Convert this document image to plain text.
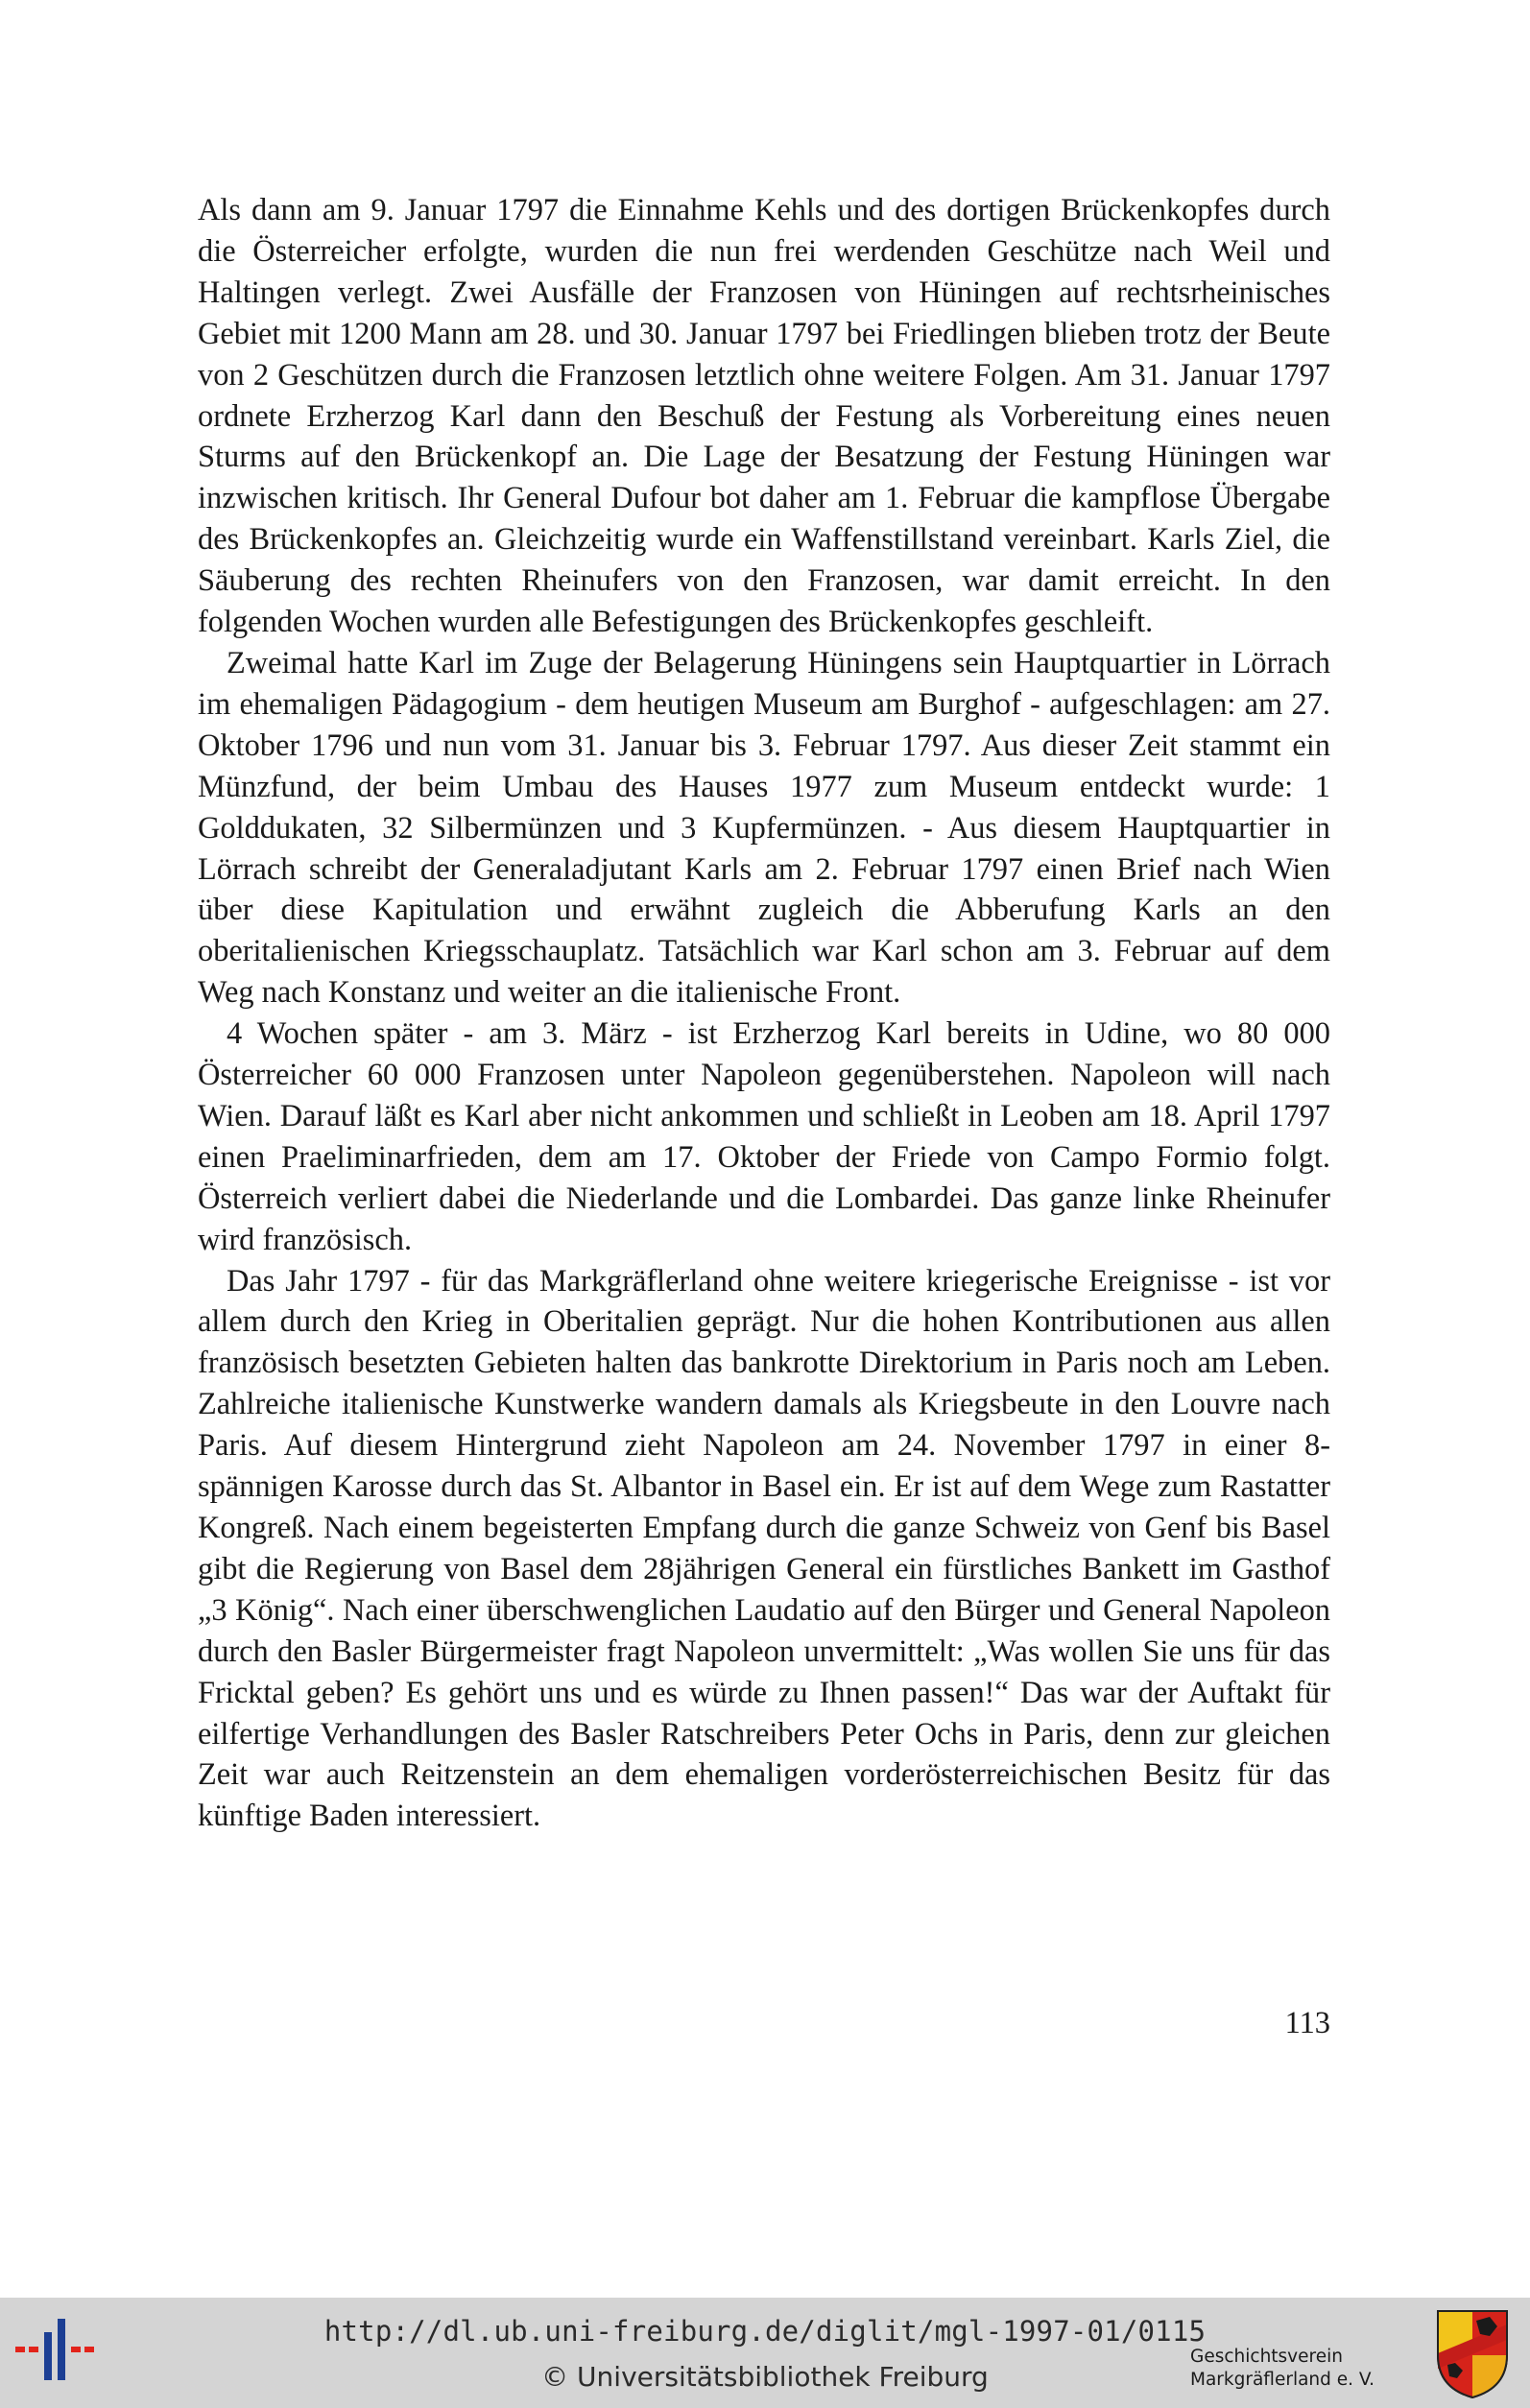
Als dann am 9. Januar 1797 die Einnahme Kehls und des dortigen Brückenkopfes durch die Österreicher erfolgte, wurden die nun frei werdenden Geschütze nach Weil und Haltingen verlegt. Zwei Ausfälle der Franzosen von Hüningen auf rechtsrheinisches Gebiet mit 1200 Mann am 28. und 30. Januar 1797 bei Friedlingen blieben trotz der Beute von 2 Geschützen durch die Franzosen letztlich ohne weitere Folgen. Am 31. Januar 1797 ordnete Erzherzog Karl dann den Beschuß der Festung als Vorbereitung eines neuen Sturms auf den Brückenkopf an. Die Lage der Besatzung der Festung Hüningen war inzwischen kritisch. Ihr General Dufour bot daher am 1. Februar die kampflose Übergabe des Brückenkopfes an. Gleichzeitig wurde ein Waffenstillstand vereinbart. Karls Ziel, die Säuberung des rechten Rheinufers von den Franzosen, war damit erreicht. In den folgenden Wochen wurden alle Befestigungen des Brückenkopfes geschleift.

Zweimal hatte Karl im Zuge der Belagerung Hüningens sein Hauptquartier in Lörrach im ehemaligen Pädagogium - dem heutigen Museum am Burghof - aufgeschlagen: am 27. Oktober 1796 und nun vom 31. Januar bis 3. Februar 1797. Aus dieser Zeit stammt ein Münzfund, der beim Umbau des Hauses 1977 zum Museum entdeckt wurde: 1 Golddukaten, 32 Silbermünzen und 3 Kupfermünzen. - Aus diesem Hauptquartier in Lörrach schreibt der Generaladjutant Karls am 2. Februar 1797 einen Brief nach Wien über diese Kapitulation und erwähnt zugleich die Abberufung Karls an den oberitalienischen Kriegsschauplatz. Tatsächlich war Karl schon am 3. Februar auf dem Weg nach Konstanz und weiter an die italienische Front.

4 Wochen später - am 3. März - ist Erzherzog Karl bereits in Udine, wo 80 000 Österreicher 60 000 Franzosen unter Napoleon gegenüberstehen. Napoleon will nach Wien. Darauf läßt es Karl aber nicht ankommen und schließt in Leoben am 18. April 1797 einen Praeliminarfrieden, dem am 17. Oktober der Friede von Campo Formio folgt. Österreich verliert dabei die Niederlande und die Lombardei. Das ganze linke Rheinufer wird französisch.

Das Jahr 1797 - für das Markgräflerland ohne weitere kriegerische Ereignisse - ist vor allem durch den Krieg in Oberitalien geprägt. Nur die hohen Kontributionen aus allen französisch besetzten Gebieten halten das bankrotte Direktorium in Paris noch am Leben. Zahlreiche italienische Kunstwerke wandern damals als Kriegsbeute in den Louvre nach Paris. Auf diesem Hintergrund zieht Napoleon am 24. November 1797 in einer 8-spännigen Karosse durch das St. Albantor in Basel ein. Er ist auf dem Wege zum Rastatter Kongreß. Nach einem begeisterten Empfang durch die ganze Schweiz von Genf bis Basel gibt die Regierung von Basel dem 28jährigen General ein fürstliches Bankett im Gasthof „3 König“. Nach einer überschwenglichen Laudatio auf den Bürger und General Napoleon durch den Basler Bürgermeister fragt Napoleon unvermittelt: „Was wollen Sie uns für das Fricktal geben? Es gehört uns und es würde zu Ihnen passen!“ Das war der Auftakt für eilfertige Verhandlungen des Basler Ratschreibers Peter Ochs in Paris, denn zur gleichen Zeit war auch Reitzenstein an dem ehemaligen vorderösterreichischen Besitz für das künftige Baden interessiert.

113
http://dl.ub.uni-freiburg.de/diglit/mgl-1997-01/0115
© Universitätsbibliothek Freiburg
Geschichtsverein
Markgräflerland e. V.
